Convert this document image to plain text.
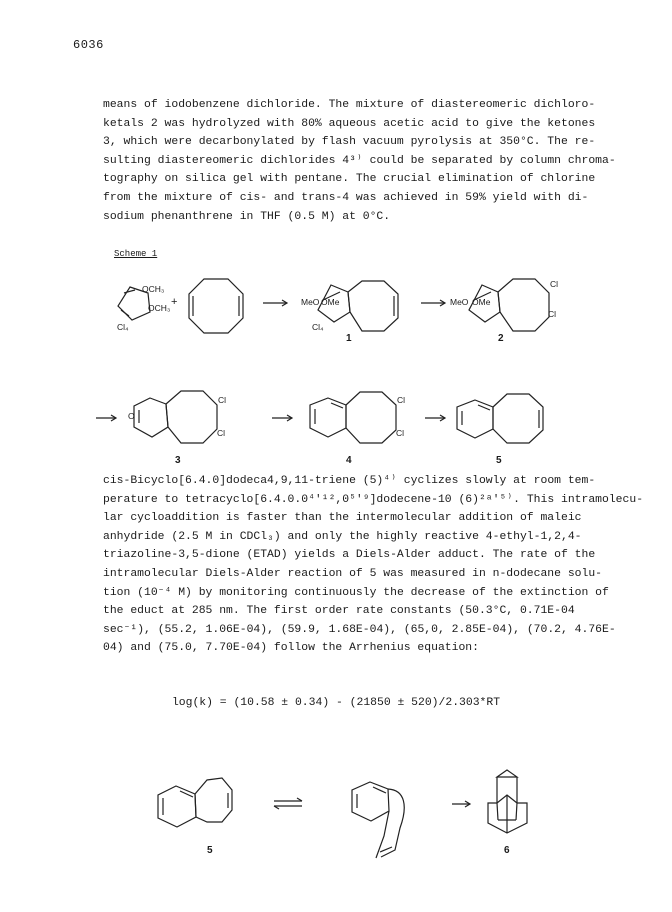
6036
means of iodobenzene dichloride. The mixture of diastereomeric dichloro-
ketals 2 was hydrolyzed with 80% aqueous acetic acid to give the ketones
3, which were decarbonylated by flash vacuum pyrolysis at 350°C. The re-
sulting diastereomeric dichlorides 4³⁾ could be separated by column chroma-
tography on silica gel with pentane. The crucial elimination of chlorine
from the mixture of cis- and trans-4 was achieved in 59% yield with di-
sodium phenanthrene in THF (0.5 M) at 0°C.
Scheme 1
OCH₃
OCH₃
Cl₄
+	MeO OMe
Cl₄
MeO OMe
Cl
Cl
O
Cl
Cl
Cl
Cl
1	2
3	4	5
5	6
cis-Bicyclo[6.4.0]dodeca4,9,11-triene (5)⁴⁾ cyclizes slowly at room tem-
perature to tetracyclo[6.4.0.0⁴'¹²,0⁵'⁹]dodecene-10 (6)²ᵃ'⁵⁾. This intramolecu-
lar cycloaddition is faster than the intermolecular addition of maleic
anhydride (2.5 M in CDCl₃) and only the highly reactive 4-ethyl-1,2,4-
triazoline-3,5-dione (ETAD) yields a Diels-Alder adduct. The rate of the
intramolecular Diels-Alder reaction of 5 was measured in n-dodecane solu-
tion (10⁻⁴ M) by monitoring continuously the decrease of the extinction of
the educt at 285 nm. The first order rate constants (50.3°C, 0.71E-04
sec⁻¹), (55.2, 1.06E-04), (59.9, 1.68E-04), (65,0, 2.85E-04), (70.2, 4.76E-
04) and (75.0, 7.70E-04) follow the Arrhenius equation:
log(k) = (10.58 ± 0.34) - (21850 ± 520)/2.303*RT
